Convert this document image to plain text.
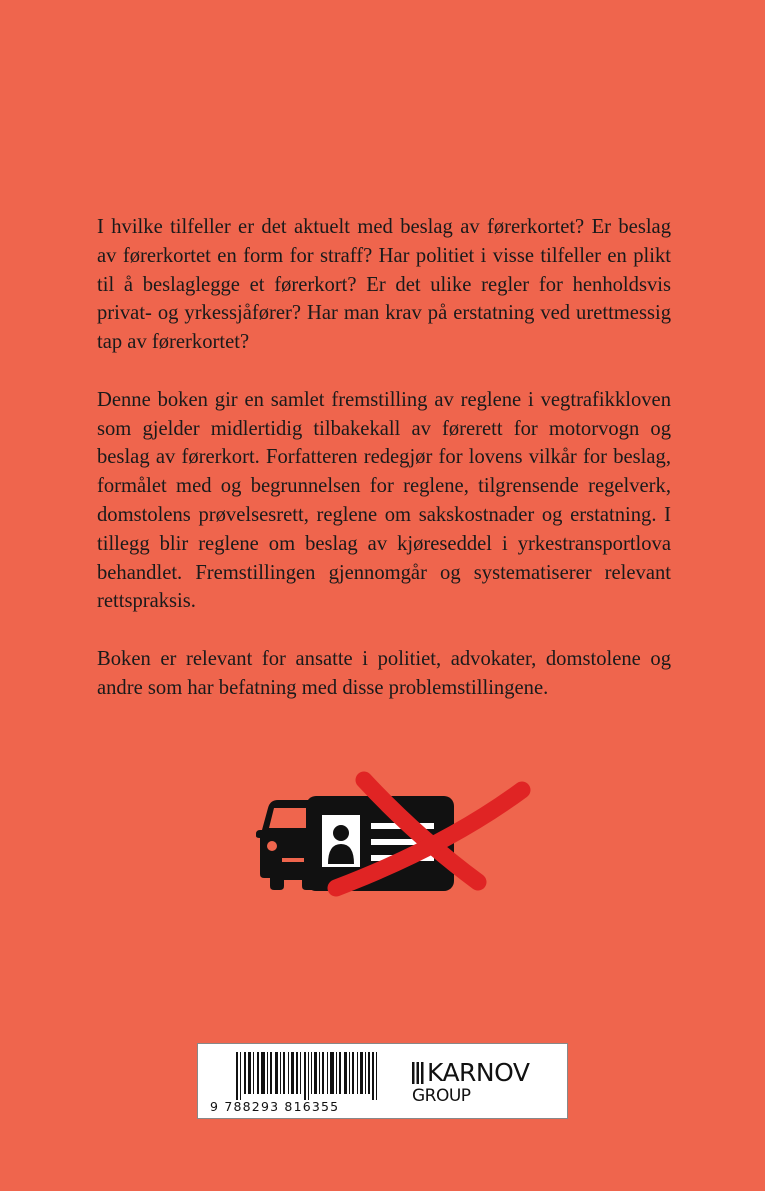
I hvilke tilfeller er det aktuelt med beslag av førerkortet? Er beslag av førerkortet en form for straff? Har politiet i visse tilfeller en plikt til å beslaglegge et førerkort? Er det ulike regler for henholdsvis privat- og yrkessjåfører? Har man krav på erstatning ved urettmessig tap av førerkortet?

Denne boken gir en samlet fremstilling av reglene i vegtrafikkloven som gjelder midlertidig tilbakekall av førerett for motorvogn og beslag av førerkort. Forfatteren redegjør for lovens vilkår for beslag, formålet med og begrunnelsen for reglene, tilgrensende regelverk, domstolens prøvelsesrett, reglene om sakskostnader og erstatning. I tillegg blir reglene om beslag av kjøreseddel i yrkestransportlova behandlet. Fremstillingen gjennomgår og systematiserer relevant rettspraksis.

Boken er relevant for ansatte i politiet, advokater, domstolene og andre som har befatning med disse problemstillingene.

9 788293 816355
KARNOV
GROUP
